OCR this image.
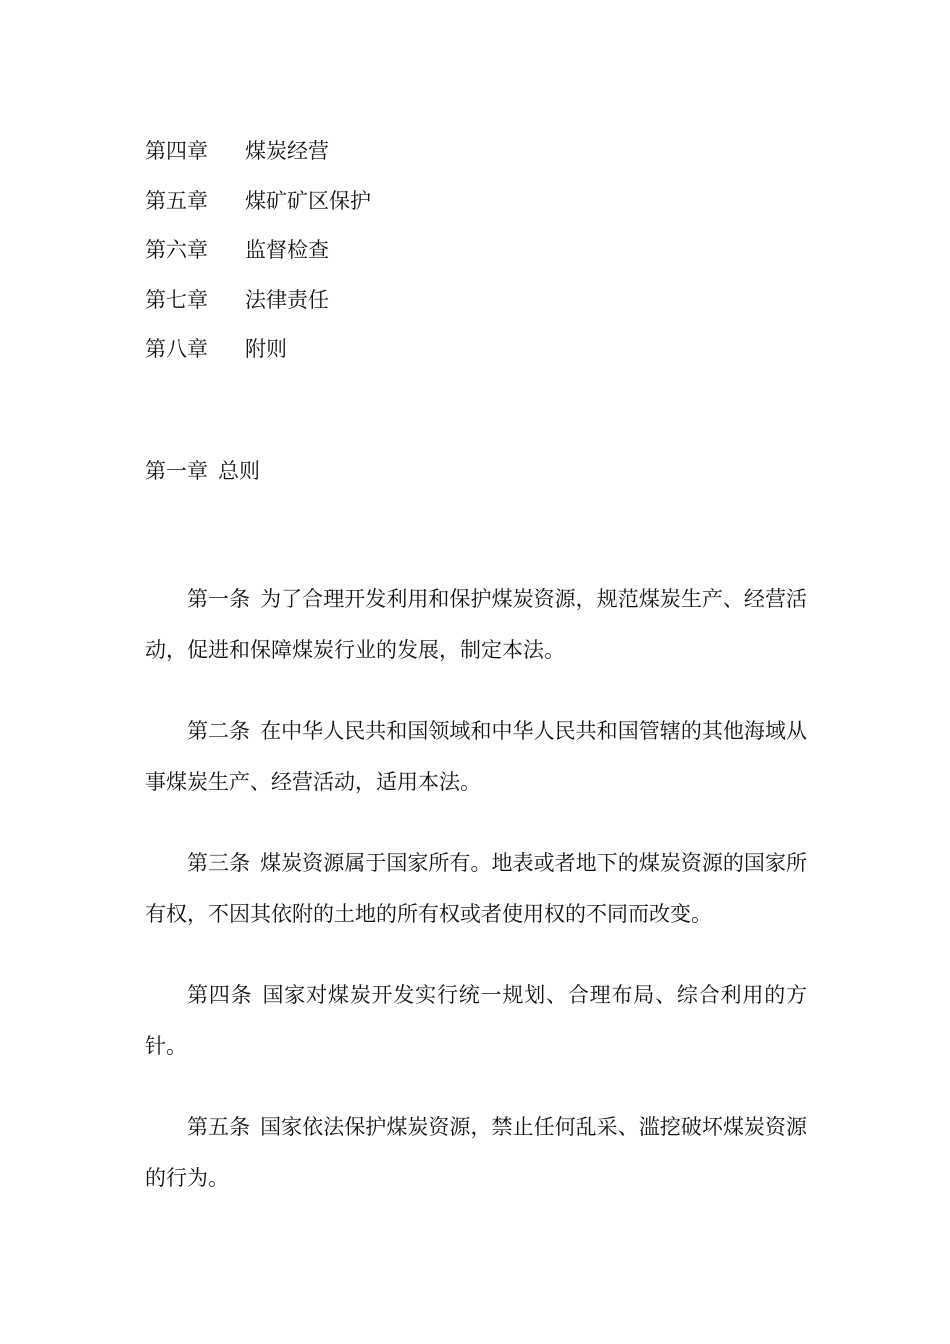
第四章 煤炭经营
第五章 煤矿矿区保护
第六章 监督检查
第七章 法律责任
第八章 附则
第一章 总则

第一条 为了合理开发利用和保护煤炭资源，规范煤炭生产、经营活动，促进和保障煤炭行业的发展，制定本法。

第二条 在中华人民共和国领域和中华人民共和国管辖的其他海域从事煤炭生产、经营活动，适用本法。

第三条 煤炭资源属于国家所有。地表或者地下的煤炭资源的国家所有权，不因其依附的土地的所有权或者使用权的不同而改变。

第四条 国家对煤炭开发实行统一规划、合理布局、综合利用的方针。

第五条 国家依法保护煤炭资源，禁止任何乱采、滥挖破坏煤炭资源的行为。
